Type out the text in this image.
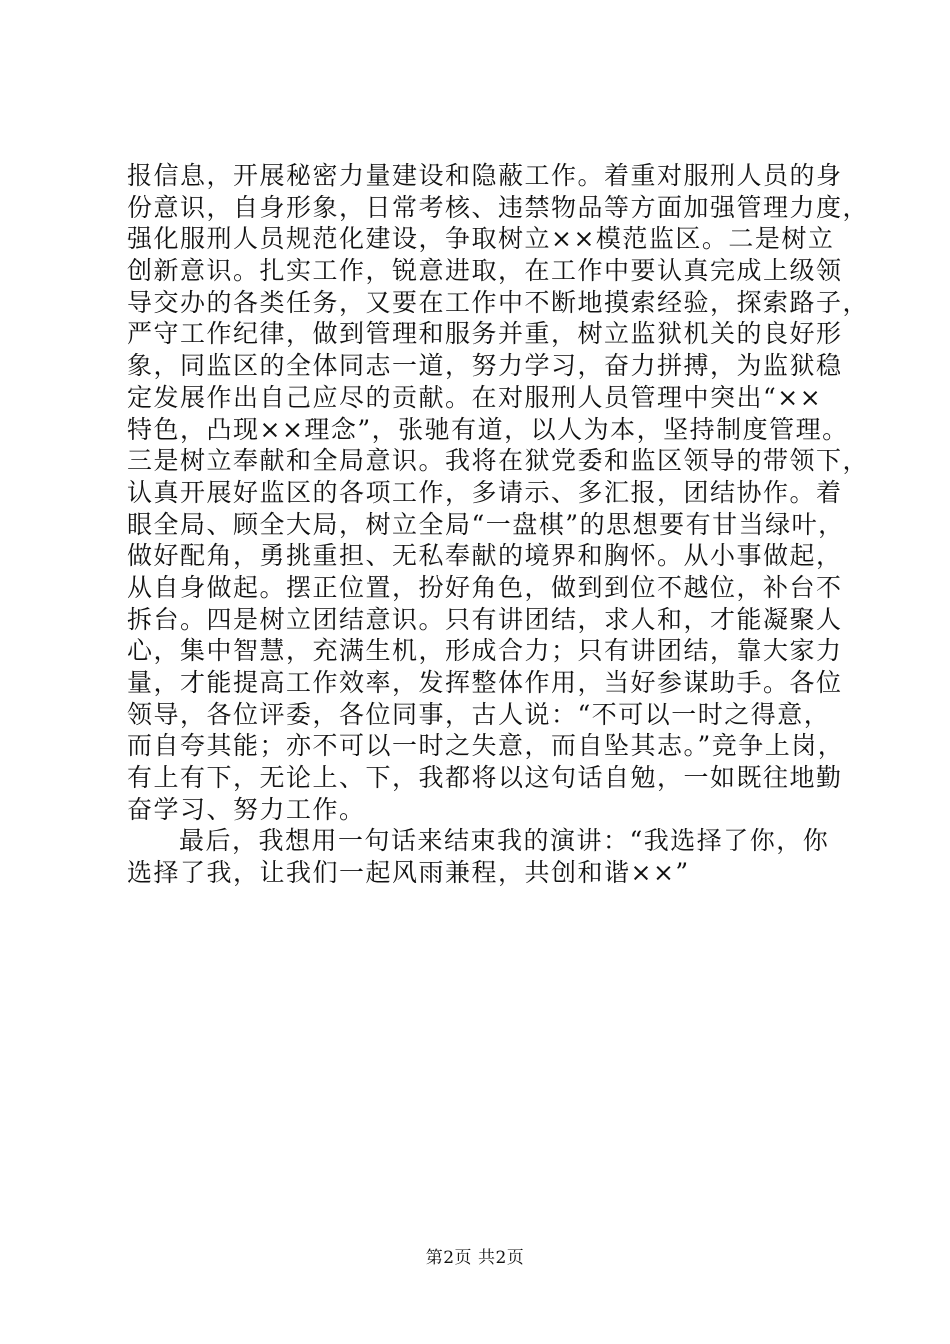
报信息，开展秘密力量建设和隐蔽工作。着重对服刑人员的身
份意识，自身形象，日常考核、违禁物品等方面加强管理力度，
强化服刑人员规范化建设，争取树立××模范监区。二是树立
创新意识。扎实工作，锐意进取，在工作中要认真完成上级领
导交办的各类任务，又要在工作中不断地摸索经验，探索路子，
严守工作纪律，做到管理和服务并重，树立监狱机关的良好形
象，同监区的全体同志一道，努力学习，奋力拼搏，为监狱稳
定发展作出自己应尽的贡献。在对服刑人员管理中突出“××
特色，凸现××理念”，张驰有道，以人为本，坚持制度管理。
三是树立奉献和全局意识。我将在狱党委和监区领导的带领下，
认真开展好监区的各项工作，多请示、多汇报，团结协作。着
眼全局、顾全大局，树立全局“一盘棋”的思想要有甘当绿叶，
做好配角，勇挑重担、无私奉献的境界和胸怀。从小事做起，
从自身做起。摆正位置，扮好角色，做到到位不越位，补台不
拆台。四是树立团结意识。只有讲团结，求人和，才能凝聚人
心，集中智慧，充满生机，形成合力；只有讲团结，靠大家力
量，才能提高工作效率，发挥整体作用，当好参谋助手。各位
领导，各位评委，各位同事，古人说：“不可以一时之得意，
而自夸其能；亦不可以一时之失意，而自坠其志。”竞争上岗，
有上有下，无论上、下，我都将以这句话自勉，一如既往地勤
奋学习、努力工作。
最后，我想用一句话来结束我的演讲：“我选择了你，你
选择了我，让我们一起风雨兼程，共创和谐××”
第2页 共2页
